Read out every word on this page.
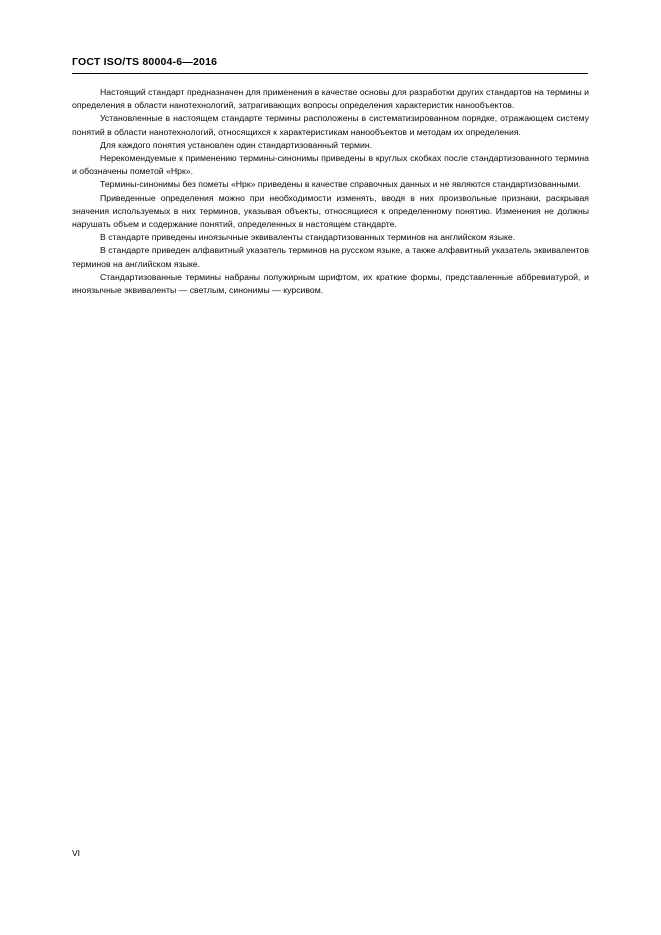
ГОСТ ISO/TS 80004-6—2016

Настоящий стандарт предназначен для применения в качестве основы для разработки других стандартов на термины и определения в области нанотехнологий, затрагивающих вопросы определения характеристик нанообъектов.

Установленные в настоящем стандарте термины расположены в систематизированном порядке, отражающем систему понятий в области нанотехнологий, относящихся к характеристикам нанообъектов и методам их определения.

Для каждого понятия установлен один стандартизованный термин.

Нерекомендуемые к применению термины-синонимы приведены в круглых скобках после стандартизованного термина и обозначены пометой «Нрк».

Термины-синонимы без пометы «Нрк» приведены в качестве справочных данных и не являются стандартизованными.

Приведенные определения можно при необходимости изменять, вводя в них произвольные признаки, раскрывая значения используемых в них терминов, указывая объекты, относящиеся к определенному понятию. Изменения не должны нарушать объем и содержание понятий, определенных в настоящем стандарте.

В стандарте приведены иноязычные эквиваленты стандартизованных терминов на английском языке.

В стандарте приведен алфавитный указатель терминов на русском языке, а также алфавитный указатель эквивалентов терминов на английском языке.

Стандартизованные термины набраны полужирным шрифтом, их краткие формы, представленные аббревиатурой, и иноязычные эквиваленты — светлым, синонимы — курсивом.

VI
